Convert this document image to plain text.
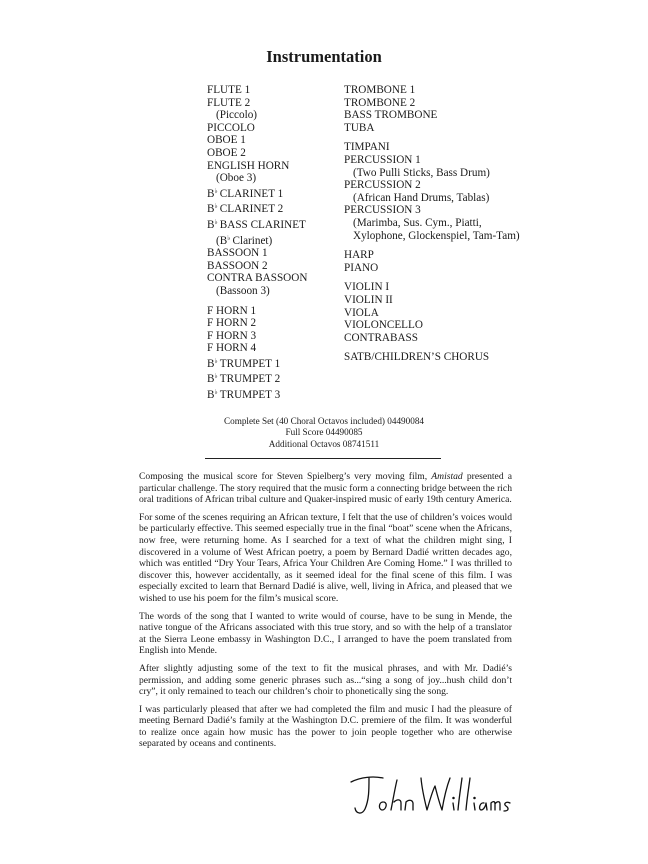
Instrumentation
FLUTE 1
FLUTE 2
(Piccolo)
PICCOLO
OBOE 1
OBOE 2
ENGLISH HORN
(Oboe 3)
B♭ CLARINET 1
B♭ CLARINET 2
B♭ BASS CLARINET
(B♭ Clarinet)
BASSOON 1
BASSOON 2
CONTRA BASSOON
(Bassoon 3)
F HORN 1
F HORN 2
F HORN 3
F HORN 4
B♭ TRUMPET 1
B♭ TRUMPET 2
B♭ TRUMPET 3
TROMBONE 1
TROMBONE 2
BASS TROMBONE
TUBA
TIMPANI
PERCUSSION 1
(Two Pulli Sticks, Bass Drum)
PERCUSSION 2
(African Hand Drums, Tablas)
PERCUSSION 3
(Marimba, Sus. Cym., Piatti,
Xylophone, Glockenspiel, Tam-Tam)
HARP
PIANO
VIOLIN I
VIOLIN II
VIOLA
VIOLONCELLO
CONTRABASS
SATB/CHILDREN’S CHORUS
Complete Set (40 Choral Octavos included) 04490084
Full Score 04490085
Additional Octavos 08741511

Composing the musical score for Steven Spielberg’s very moving film, Amistad presented a particular challenge. The story required that the music form a connecting bridge between the rich oral traditions of African tribal culture and Quaker-inspired music of early 19th century America.

For some of the scenes requiring an African texture, I felt that the use of children’s voices would be particularly effective. This seemed especially true in the final “boat” scene when the Africans, now free, were returning home. As I searched for a text of what the children might sing, I discovered in a volume of West African poetry, a poem by Bernard Dadié written decades ago, which was entitled “Dry Your Tears, Africa Your Children Are Coming Home.” I was thrilled to discover this, however accidentally, as it seemed ideal for the final scene of this film. I was especially excited to learn that Bernard Dadié is alive, well, living in Africa, and pleased that we wished to use his poem for the film’s musical score.

The words of the song that I wanted to write would of course, have to be sung in Mende, the native tongue of the Africans associated with this true story, and so with the help of a translator at the Sierra Leone embassy in Washington D.C., I arranged to have the poem translated from English into Mende.

After slightly adjusting some of the text to fit the musical phrases, and with Mr. Dadié’s permission, and adding some generic phrases such as...“sing a song of joy...hush child don’t cry”, it only remained to teach our children’s choir to phonetically sing the song.

I was particularly pleased that after we had completed the film and music I had the pleasure of meeting Bernard Dadié’s family at the Washington D.C. premiere of the film. It was wonderful to realize once again how music has the power to join people together who are otherwise separated by oceans and continents.
